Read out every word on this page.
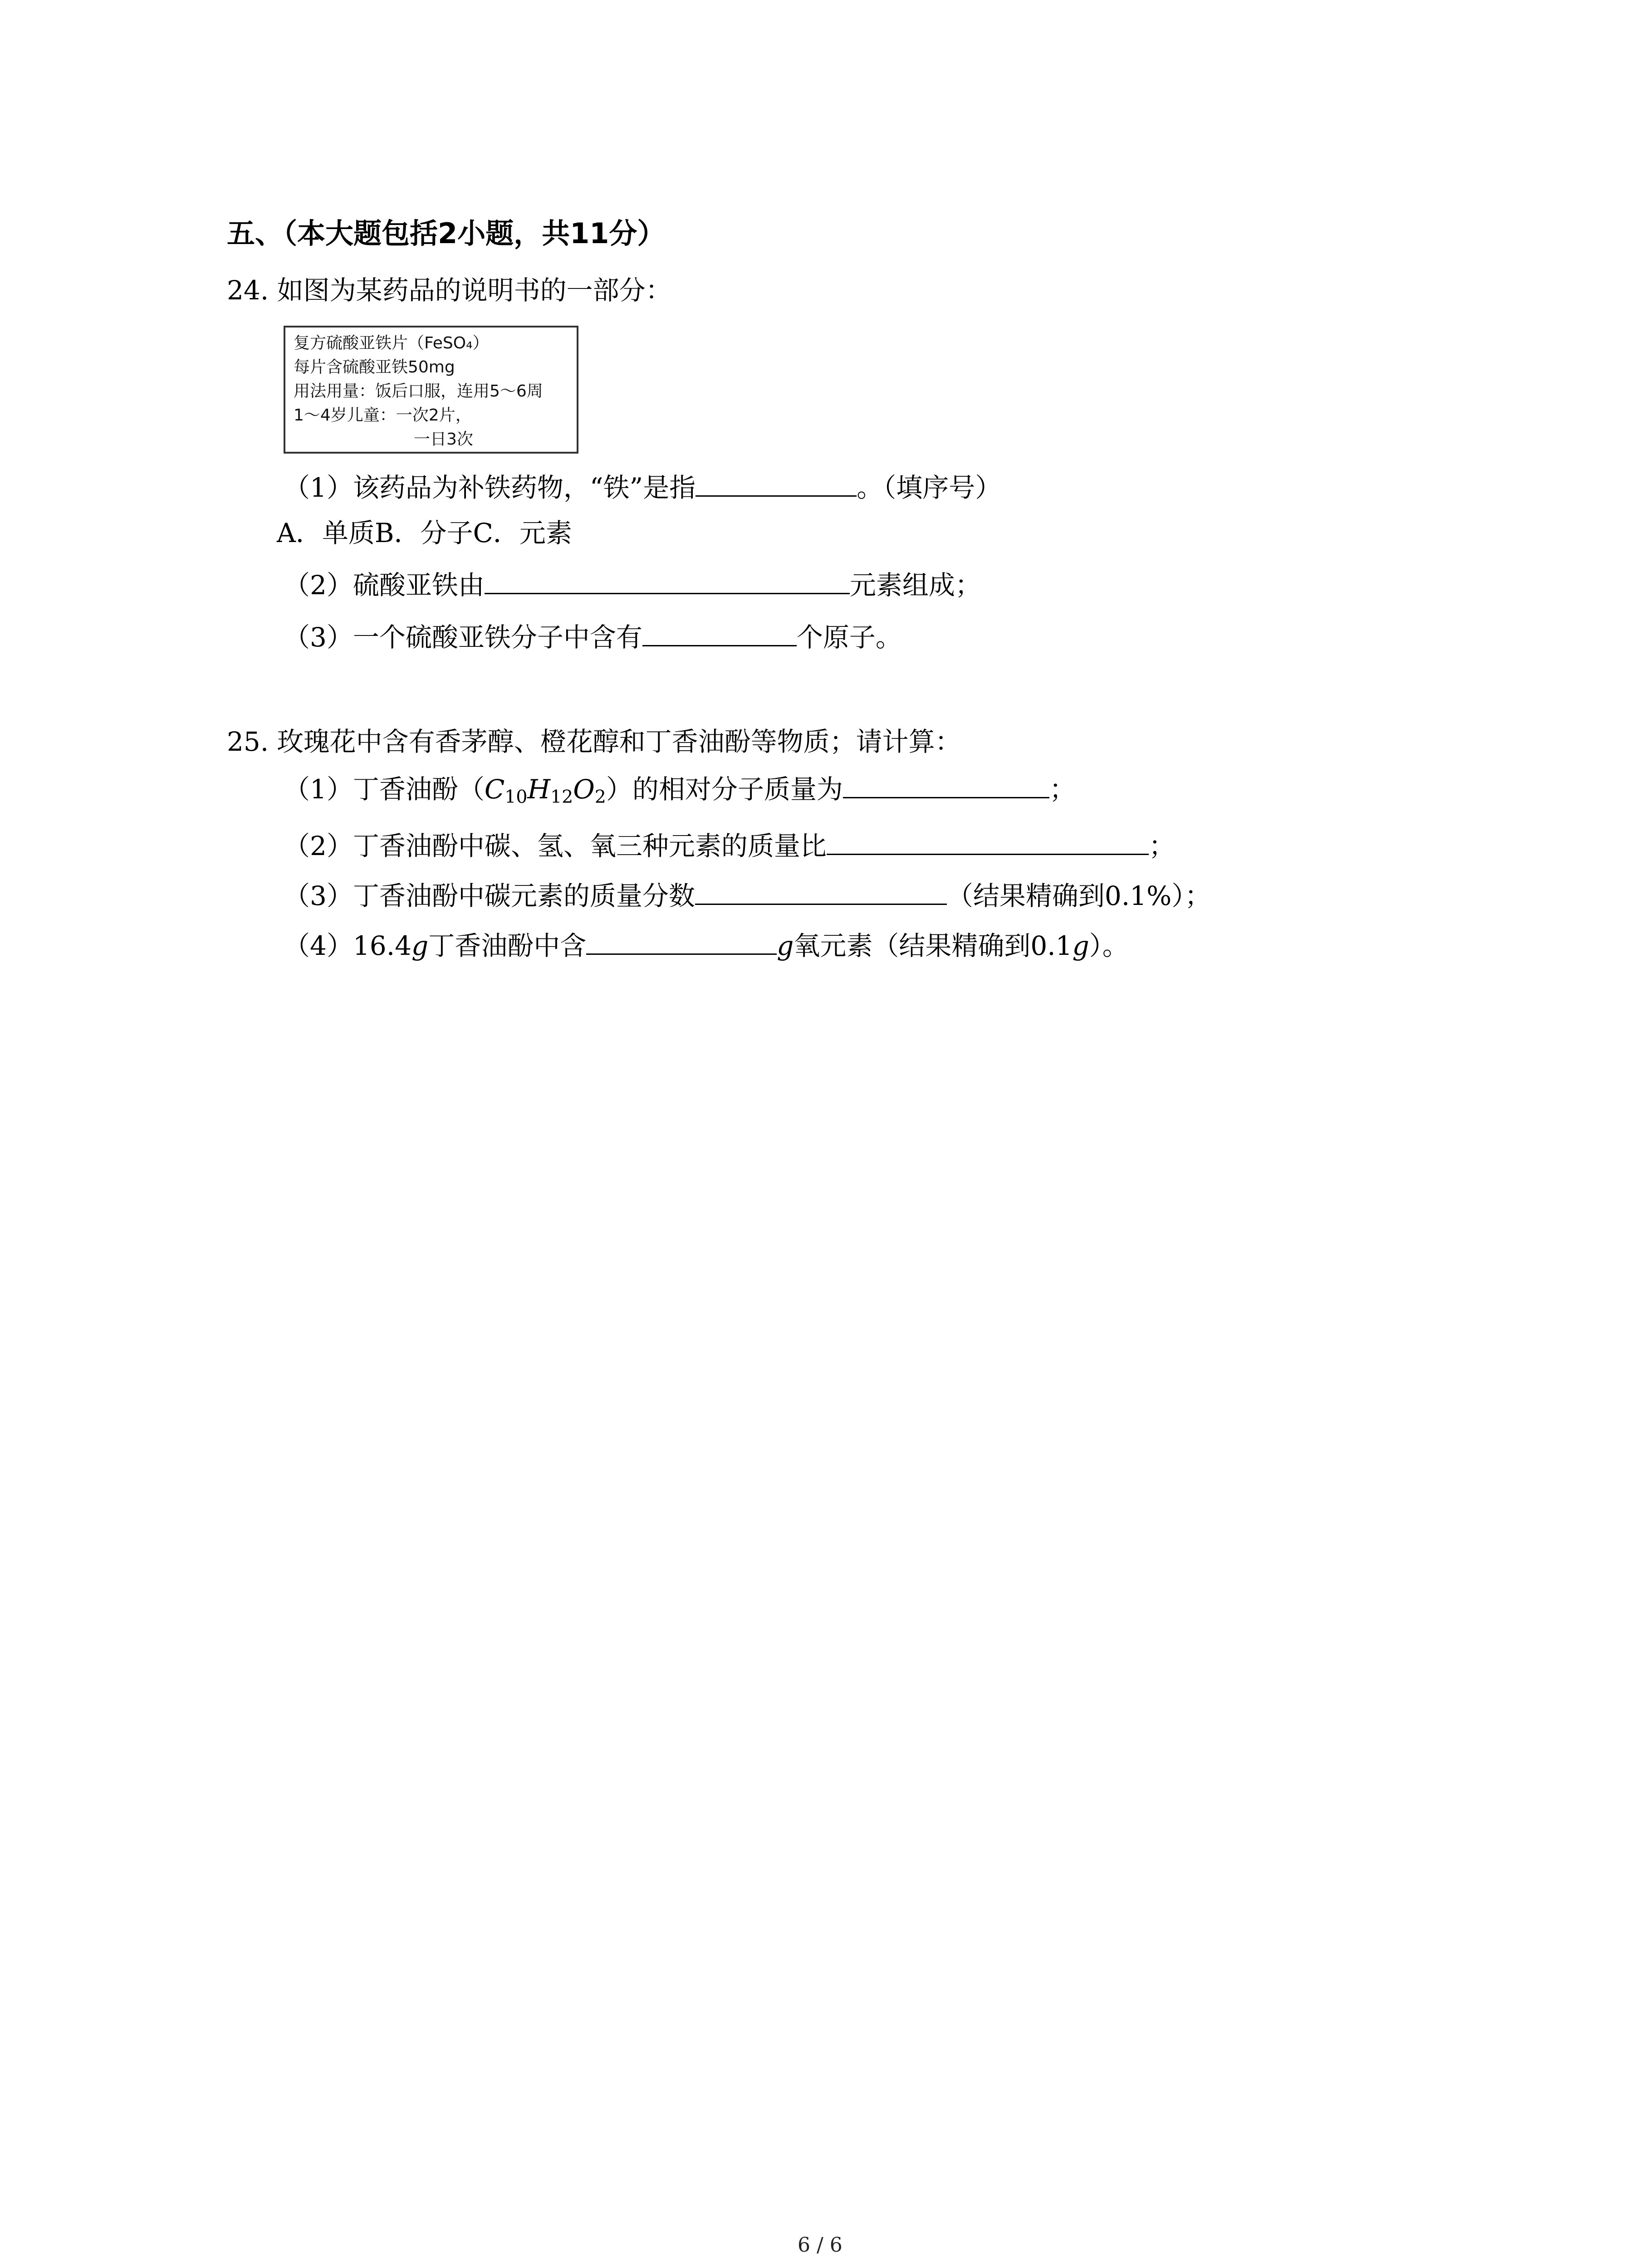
五、（本大题包括2小题，共11分）
24. 如图为某药品的说明书的一部分：
复方硫酸亚铁片（FeSO₄）
每片含硫酸亚铁50mg
用法用量：饭后口服，连用5～6周
1～4岁儿童：一次2片，
一日3次
（1）该药品为补铁药物，“铁”是指	。（填序号）
A．单质B．分子C．元素
（2）硫酸亚铁由	元素组成；
（3）一个硫酸亚铁分子中含有	个原子。
25. 玫瑰花中含有香茅醇、橙花醇和丁香油酚等物质；请计算：
（1）丁香油酚$(C_{10}H_{12}O_2)$的相对分子质量为	；
（2）丁香油酚中碳、氢、氧三种元素的质量比	；
（3）丁香油酚中碳元素的质量分数	（结果精确到0.1%）；
（4）16.4g丁香油酚中含	g氧元素（结果精确到0.1g）。
6 / 6
